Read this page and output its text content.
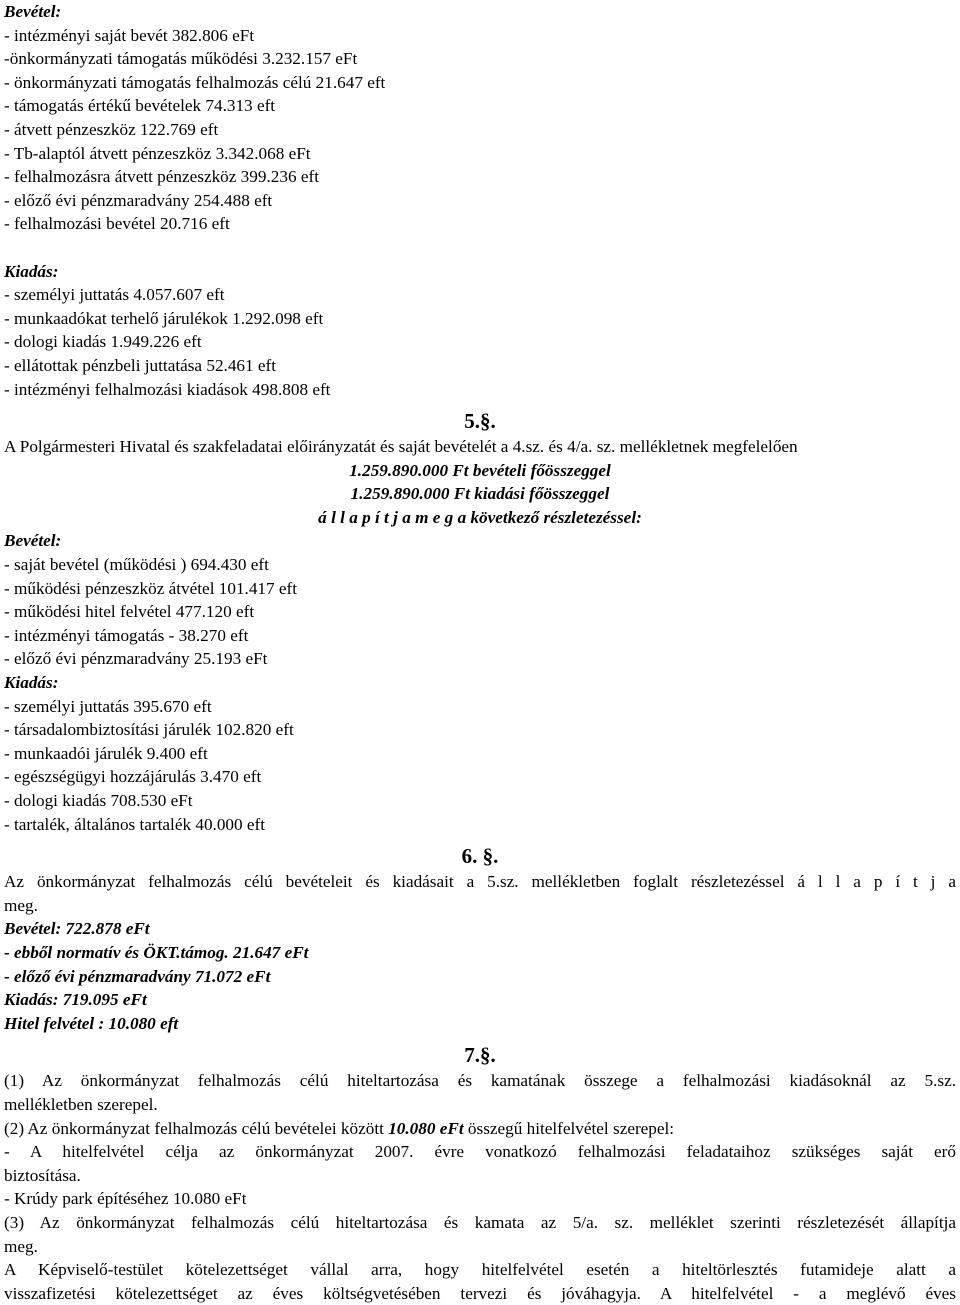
Bevétel:
- intézményi saját bevét 382.806 eFt
-önkormányzati támogatás működési 3.232.157 eFt
- önkormányzati támogatás felhalmozás célú 21.647 eft
- támogatás értékű bevételek 74.313 eft
- átvett pénzeszköz 122.769 eft
- Tb-alaptól átvett pénzeszköz 3.342.068 eFt
- felhalmozásra átvett pénzeszköz 399.236 eft
- előző évi pénzmaradvány 254.488 eft
- felhalmozási bevétel 20.716 eft
Kiadás:
- személyi juttatás 4.057.607 eft
- munkaadókat terhelő járulékok 1.292.098 eft
- dologi kiadás 1.949.226 eft
- ellátottak pénzbeli juttatása 52.461 eft
- intézményi felhalmozási kiadások 498.808 eft
5.§.
A Polgármesteri Hivatal és szakfeladatai előirányzatát és saját bevételét a 4.sz. és 4/a. sz. mellékletnek megfelelően
1.259.890.000 Ft bevételi főösszeggel
1.259.890.000 Ft kiadási főösszeggel
á l l a p í t j a m e g a következő részletezéssel:
Bevétel:
- saját bevétel (működési ) 694.430 eft
- működési pénzeszköz átvétel 101.417 eft
- működési hitel felvétel 477.120 eft
- intézményi támogatás - 38.270 eft
- előző évi pénzmaradvány 25.193 eFt
Kiadás:
- személyi juttatás 395.670 eft
- társadalombiztosítási járulék 102.820 eft
- munkaadói járulék 9.400 eft
- egészségügyi hozzájárulás 3.470 eft
- dologi kiadás 708.530 eFt
- tartalék, általános tartalék 40.000 eft
6. §.
Az önkormányzat felhalmozás célú bevételeit és kiadásait a 5.sz. mellékletben foglalt részletezéssel á l l a p í t j a
meg.
Bevétel: 722.878 eFt
- ebből normatív és ÖKT.támog. 21.647 eFt
- előző évi pénzmaradvány 71.072 eFt
Kiadás: 719.095 eFt
Hitel felvétel : 10.080 eft
7.§.
(1) Az önkormányzat felhalmozás célú hiteltartozása és kamatának összege a felhalmozási kiadásoknál az 5.sz.
mellékletben szerepel.
(2) Az önkormányzat felhalmozás célú bevételei között 10.080 eFt összegű hitelfelvétel szerepel:
- A hitelfelvétel célja az önkormányzat 2007. évre vonatkozó felhalmozási feladataihoz szükséges saját erő
biztosítása.
- Krúdy park építéséhez 10.080 eFt
(3) Az önkormányzat felhalmozás célú hiteltartozása és kamata az 5/a. sz. melléklet szerinti részletezését állapítja
meg.
A Képviselő-testület kötelezettséget vállal arra, hogy hitelfelvétel esetén a hiteltörlesztés futamideje alatt a
visszafizetési kötelezettséget az éves költségvetésében tervezi és jóváhagyja. A hitelfelvétel - a meglévő éves
